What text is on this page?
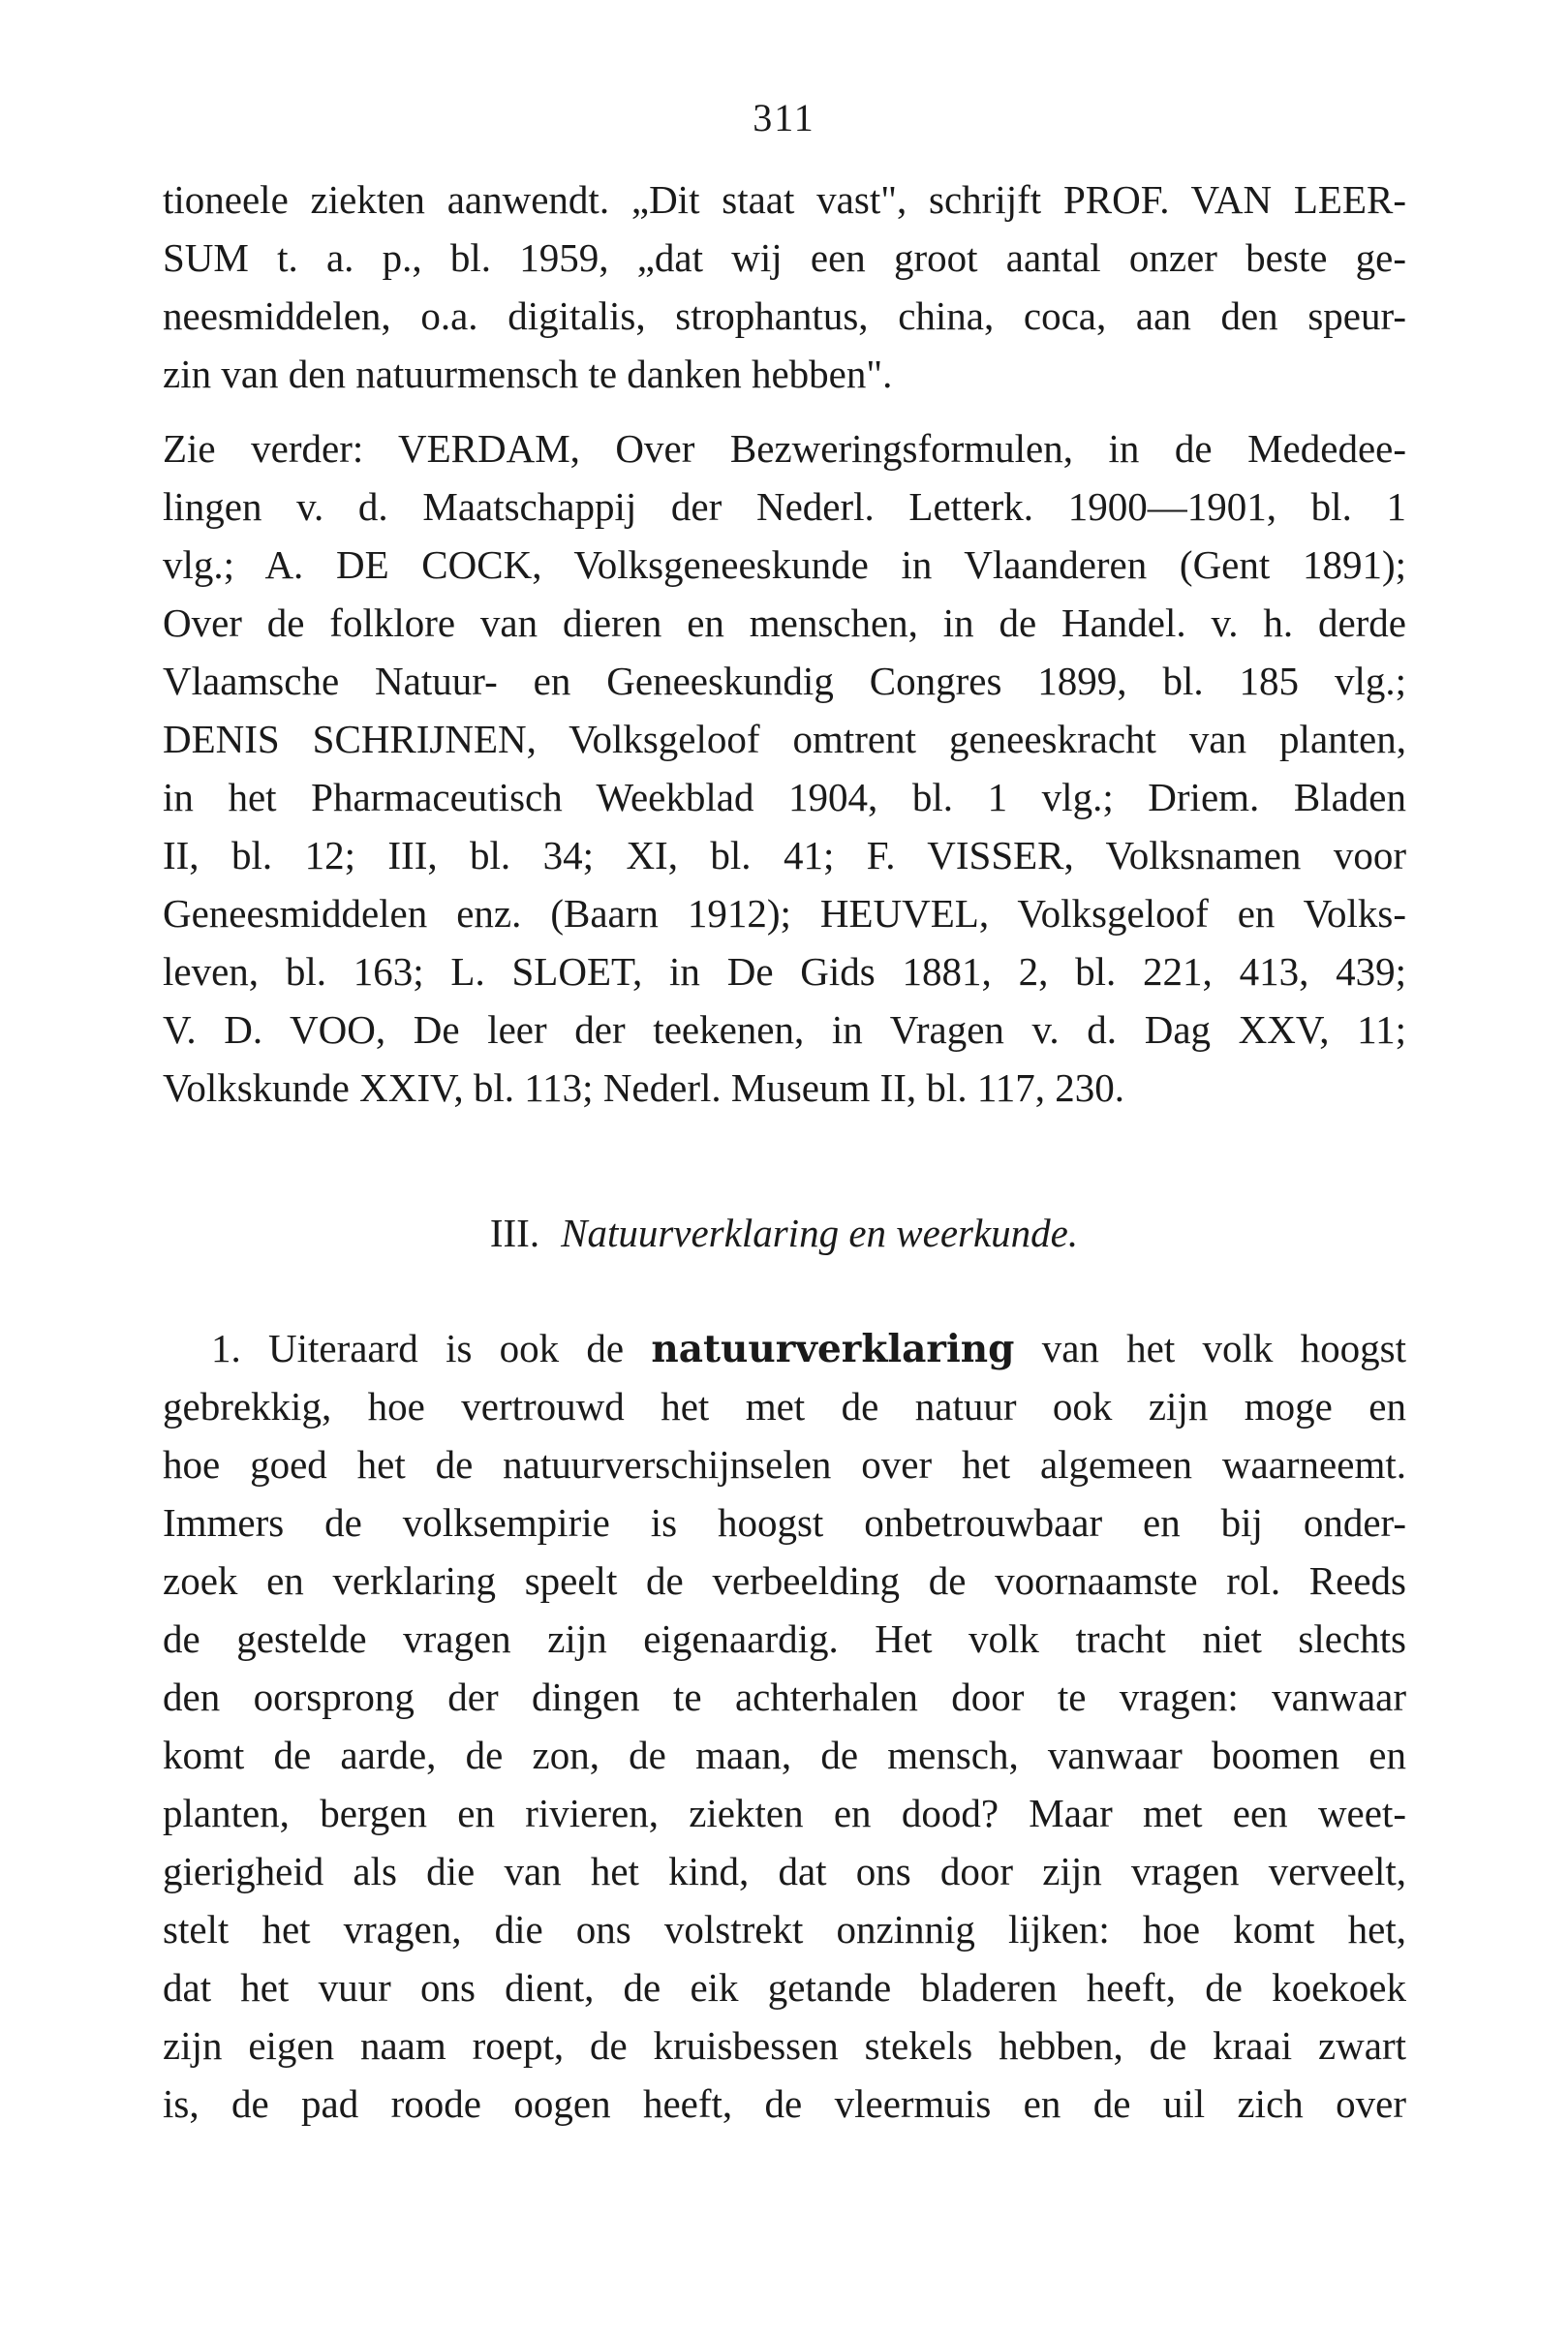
311
tioneele ziekten aanwendt. „Dit staat vast", schrijft PROF. VAN LEER-
SUM t. a. p., bl. 1959, „dat wij een groot aantal onzer beste ge-
neesmiddelen, o.a. digitalis, strophantus, china, coca, aan den speur-
zin van den natuurmensch te danken hebben".
Zie verder: VERDAM, Over Bezweringsformulen, in de Mededee-
lingen v. d. Maatschappij der Nederl. Letterk. 1900—1901, bl. 1
vlg.; A. DE COCK, Volksgeneeskunde in Vlaanderen (Gent 1891);
Over de folklore van dieren en menschen, in de Handel. v. h. derde
Vlaamsche Natuur- en Geneeskundig Congres 1899, bl. 185 vlg.;
DENIS SCHRIJNEN, Volksgeloof omtrent geneeskracht van planten,
in het Pharmaceutisch Weekblad 1904, bl. 1 vlg.; Driem. Bladen
II, bl. 12; III, bl. 34; XI, bl. 41; F. VISSER, Volksnamen voor
Geneesmiddelen enz. (Baarn 1912); HEUVEL, Volksgeloof en Volks-
leven, bl. 163; L. SLOET, in De Gids 1881, 2, bl. 221, 413, 439;
V. D. VOO, De leer der teekenen, in Vragen v. d. Dag XXV, 11;
Volkskunde XXIV, bl. 113; Nederl. Museum II, bl. 117, 230.
III. Natuurverklaring en weerkunde.
1. Uiteraard is ook de natuurverklaring van het volk hoogst
gebrekkig, hoe vertrouwd het met de natuur ook zijn moge en
hoe goed het de natuurverschijnselen over het algemeen waarneemt.
Immers de volksempirie is hoogst onbetrouwbaar en bij onder-
zoek en verklaring speelt de verbeelding de voornaamste rol. Reeds
de gestelde vragen zijn eigenaardig. Het volk tracht niet slechts
den oorsprong der dingen te achterhalen door te vragen: vanwaar
komt de aarde, de zon, de maan, de mensch, vanwaar boomen en
planten, bergen en rivieren, ziekten en dood? Maar met een weet-
gierigheid als die van het kind, dat ons door zijn vragen verveelt,
stelt het vragen, die ons volstrekt onzinnig lijken: hoe komt het,
dat het vuur ons dient, de eik getande bladeren heeft, de koekoek
zijn eigen naam roept, de kruisbessen stekels hebben, de kraai zwart
is, de pad roode oogen heeft, de vleermuis en de uil zich over
